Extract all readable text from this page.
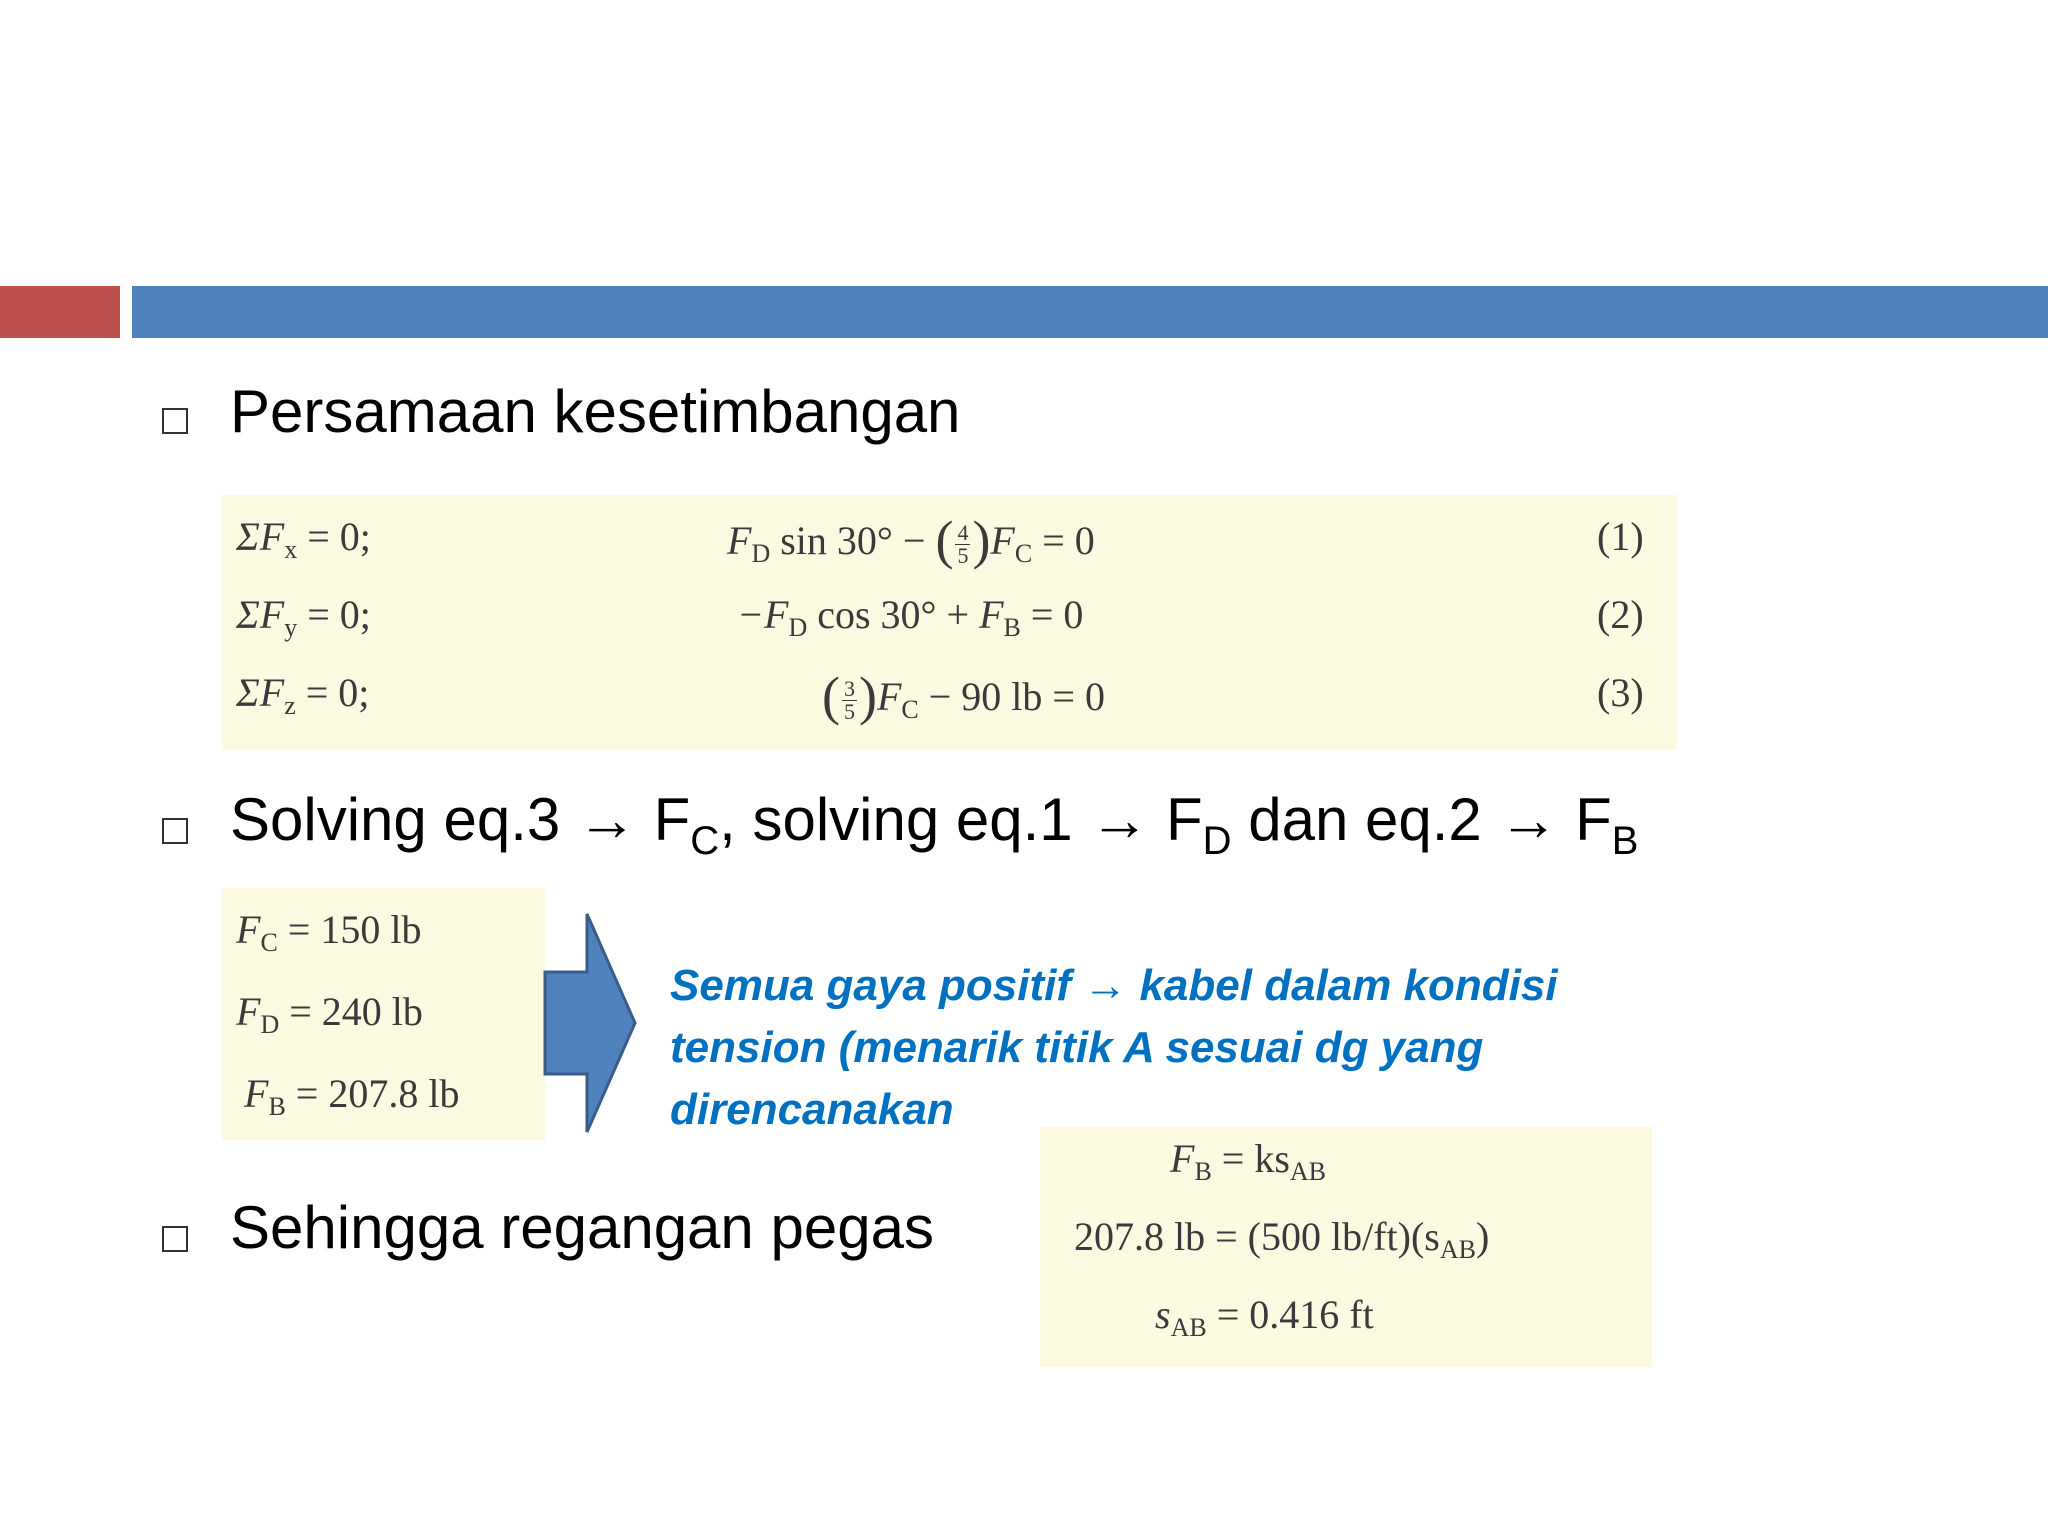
Persamaan kesetimbangan
$\Sigma F_x = 0$;
$\Sigma F_y = 0$;
$\Sigma F_z = 0$;
$F_D$ sin 30° − ( $\frac{4}{5} )F_C = 0$
$-F_D$ $\cos 30^\circ + F_B = 0$
( $\frac{3}{5} )F_C - 90$ lb = 0
(1)
(2)
(3)
Solving $eq.3 \to F_C$, solving $eq.1 \to F_D$ dan $eq.2 \to F_B$
$F_C = 150$ lb
$F_D = 240$ lb
$F_B = 207.8$ lb
Semua gaya positif → kabel dalam kondisi tension (menarik titik A sesuai dg yang direncanakan
Sehingga regangan pegas
$F_B = ks_{AB}$
207.8 lb = (500 $lb/ft)(s_{AB})$
$s_{AB} = 0.416$ ft
